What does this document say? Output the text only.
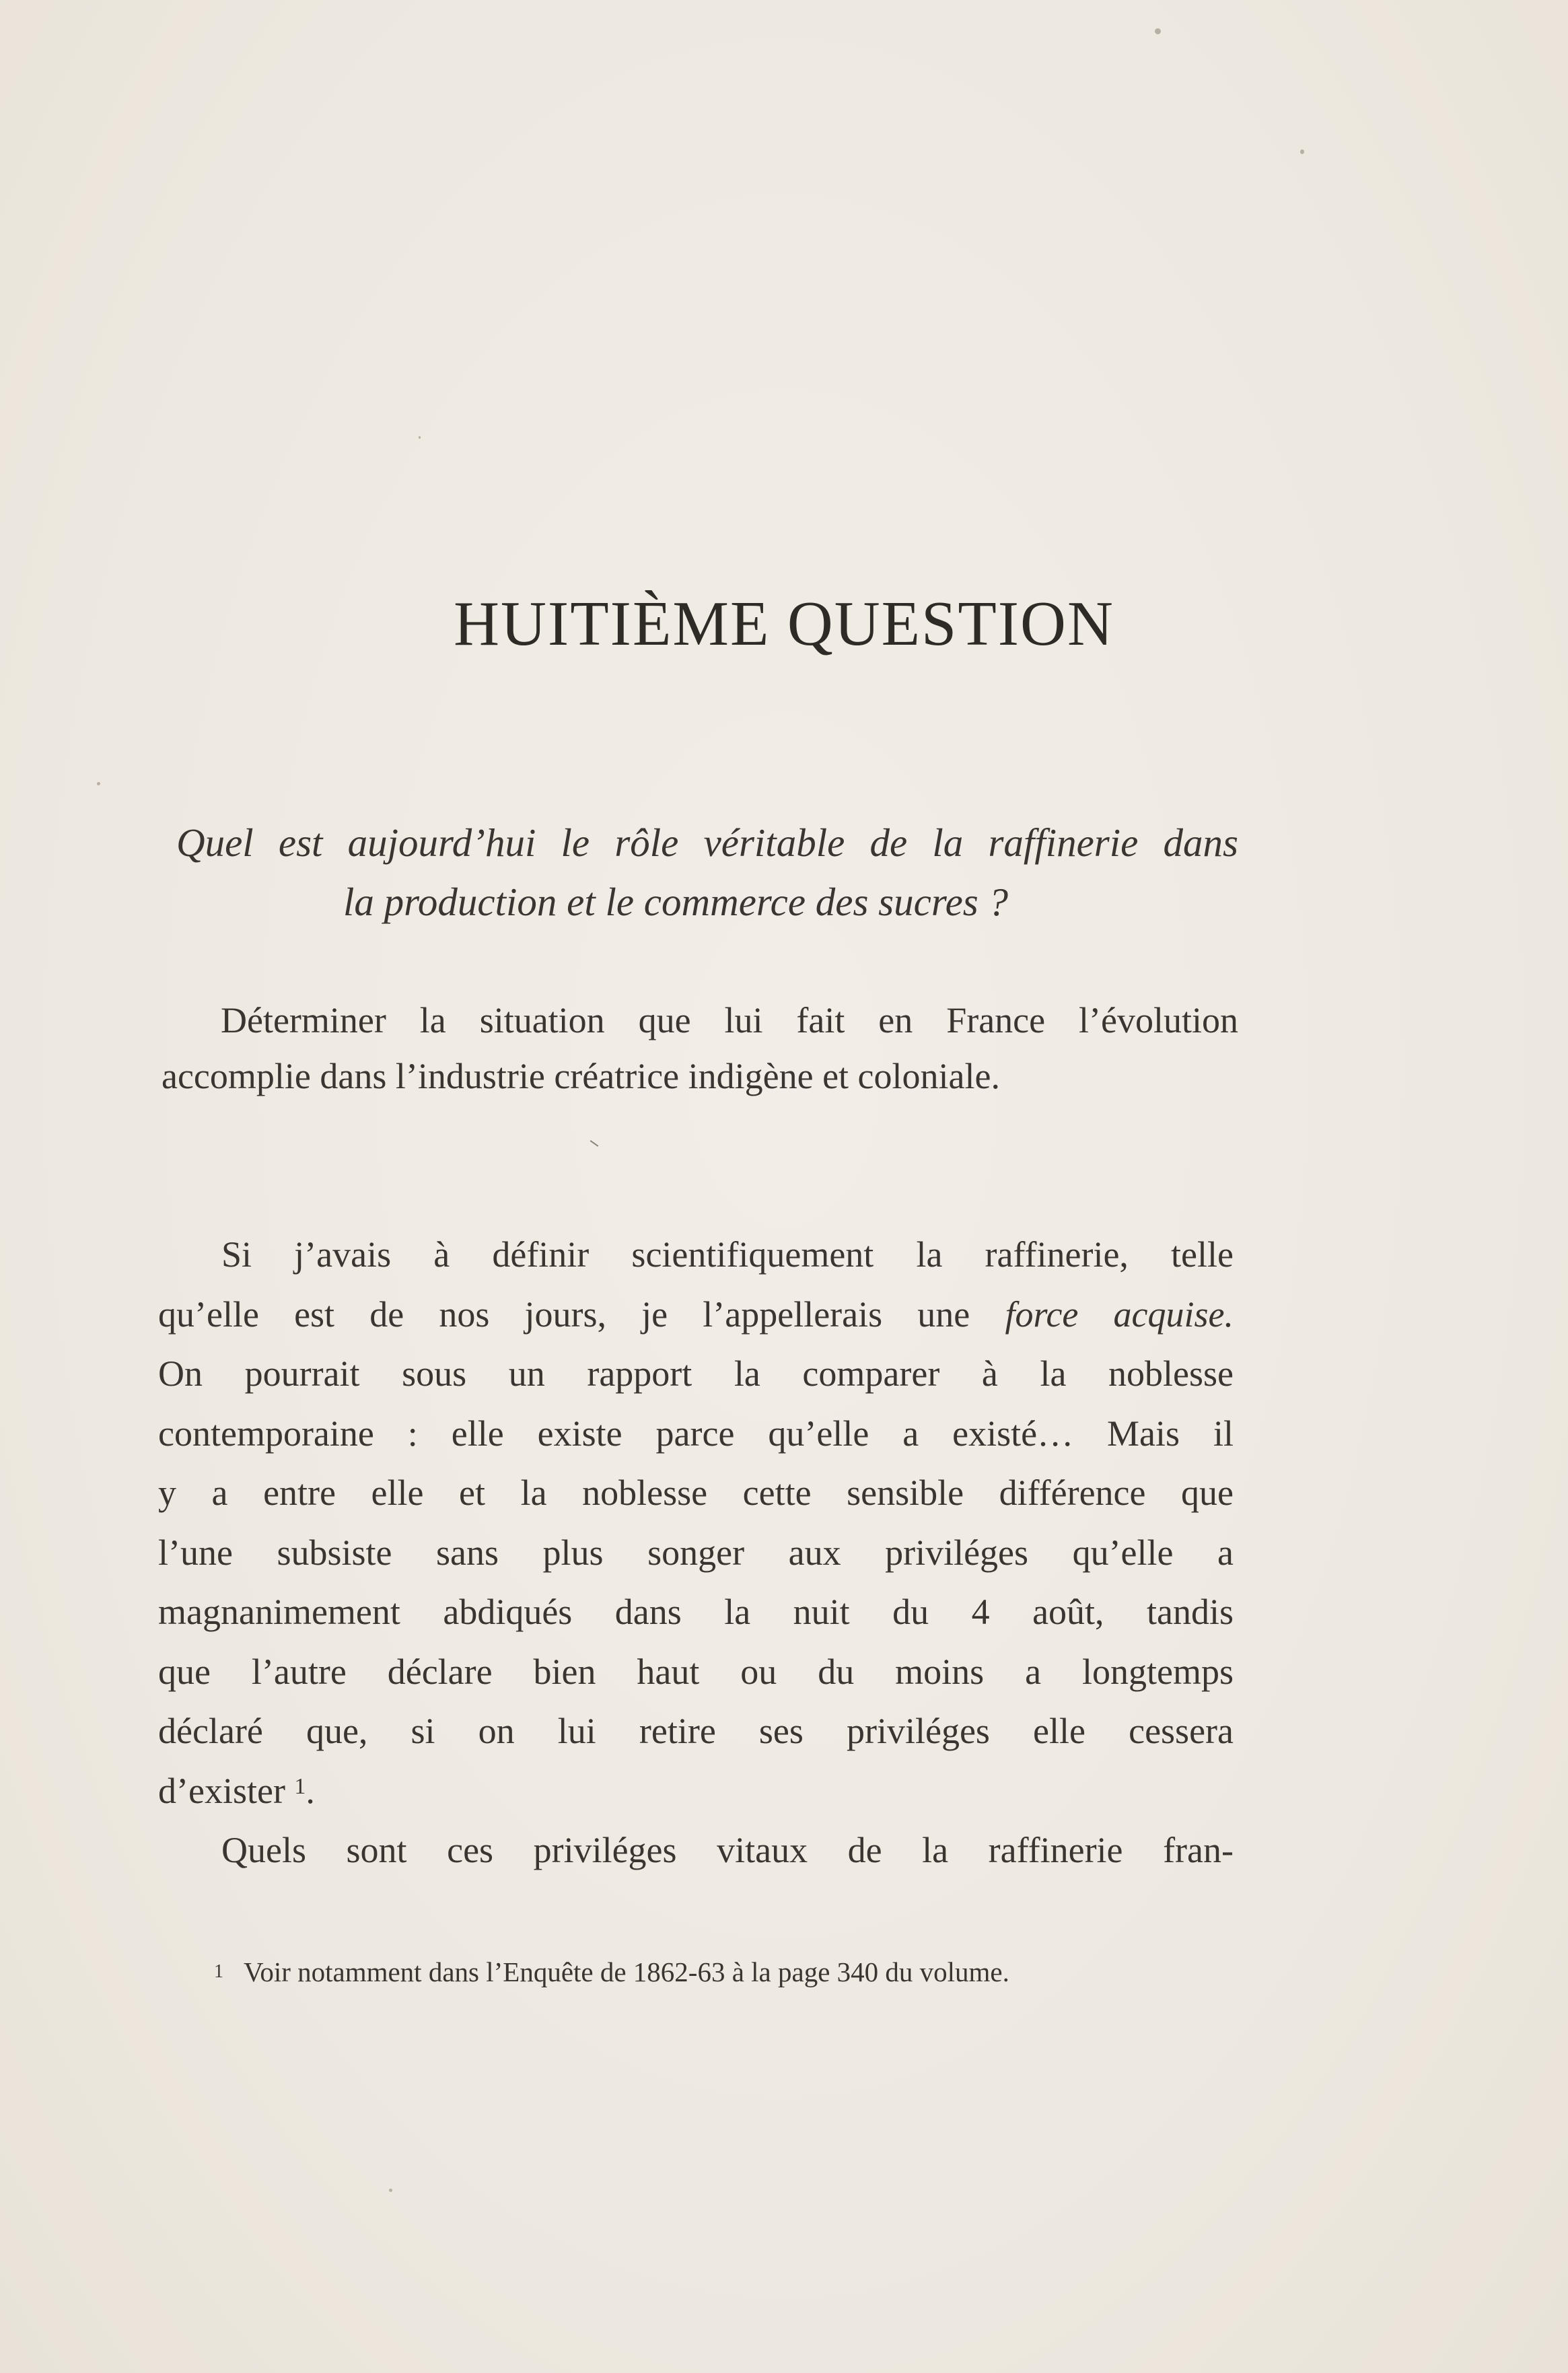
HUITIÈME QUESTION
Quel est aujourd’hui le rôle véritable de la raffinerie dans
la production et le commerce des sucres ?
Déterminer la situation que lui fait en France l’évolution
accomplie dans l’industrie créatrice indigène et coloniale.
Si j’avais à définir scientifiquement la raffinerie, telle
qu’elle est de nos jours, je l’appellerais une force acquise.
On pourrait sous un rapport la comparer à la noblesse
contemporaine : elle existe parce qu’elle a existé… Mais il
y a entre elle et la noblesse cette sensible différence que
l’une subsiste sans plus songer aux priviléges qu’elle a
magnanimement abdiqués dans la nuit du 4 août, tandis
que l’autre déclare bien haut ou du moins a longtemps
déclaré que, si on lui retire ses priviléges elle cessera
d’exister $^1$.
Quels sont ces priviléges vitaux de la raffinerie fran-
$^1$ Voir notamment dans l’Enquête de 1862-63 à la page 340 du volume.
